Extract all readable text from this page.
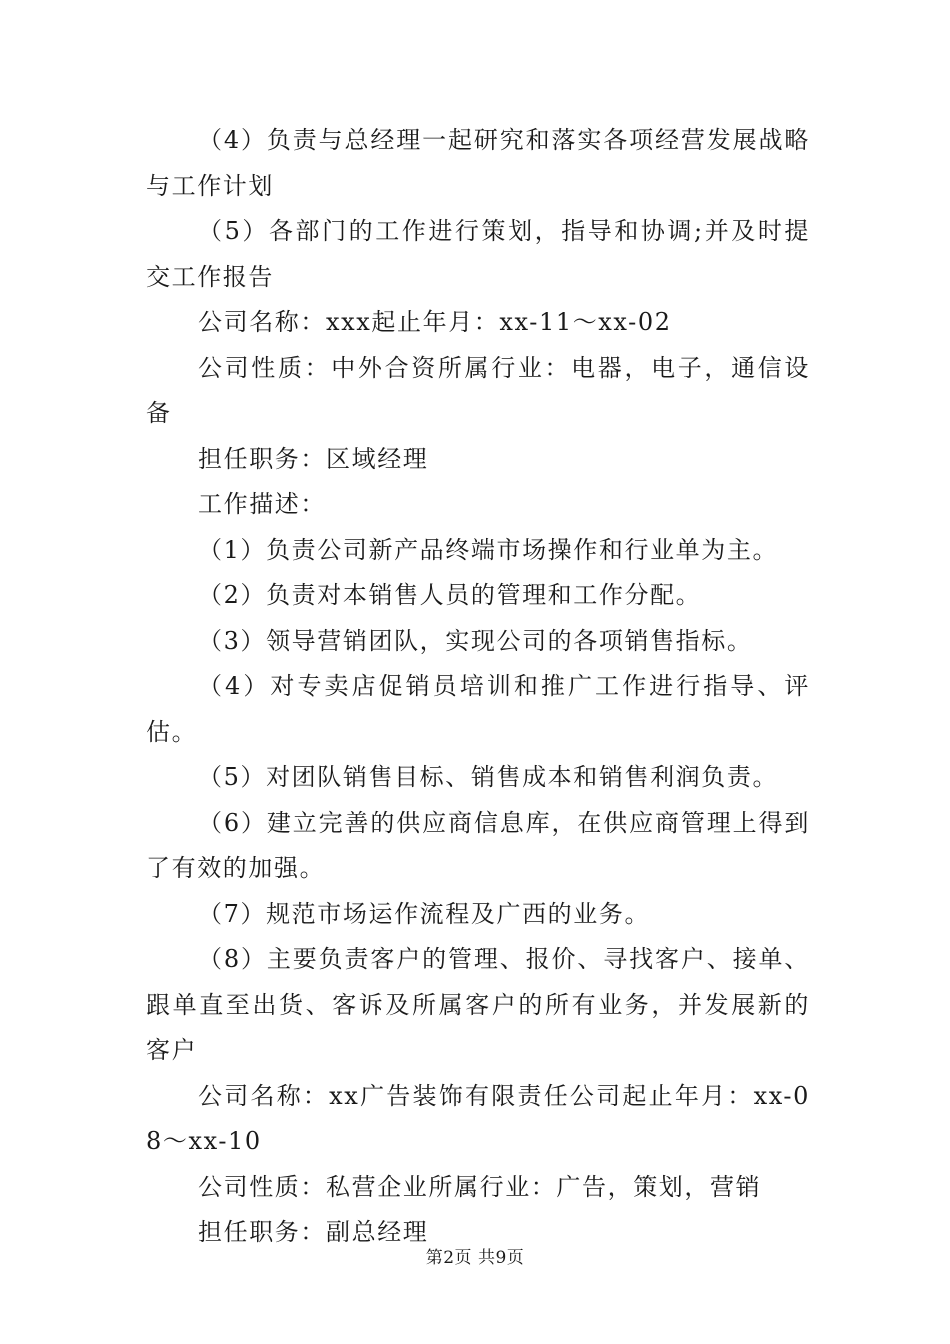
（4）负责与总经理一起研究和落实各项经营发展战略与工作计划

（5）各部门的工作进行策划，指导和协调;并及时提交工作报告

公司名称：xxx起止年月：xx-11～xx-02

公司性质：中外合资所属行业：电器，电子，通信设备

担任职务：区域经理

工作描述：

（1）负责公司新产品终端市场操作和行业单为主。

（2）负责对本销售人员的管理和工作分配。

（3）领导营销团队，实现公司的各项销售指标。

（4）对专卖店促销员培训和推广工作进行指导、评估。

（5）对团队销售目标、销售成本和销售利润负责。

（6）建立完善的供应商信息库，在供应商管理上得到了有效的加强。

（7）规范市场运作流程及广西的业务。

（8）主要负责客户的管理、报价、寻找客户、接单、跟单直至出货、客诉及所属客户的所有业务，并发展新的客户

公司名称：xx广告装饰有限责任公司起止年月：xx-08～xx-10

公司性质：私营企业所属行业：广告，策划，营销

担任职务：副总经理

第2页 共9页
